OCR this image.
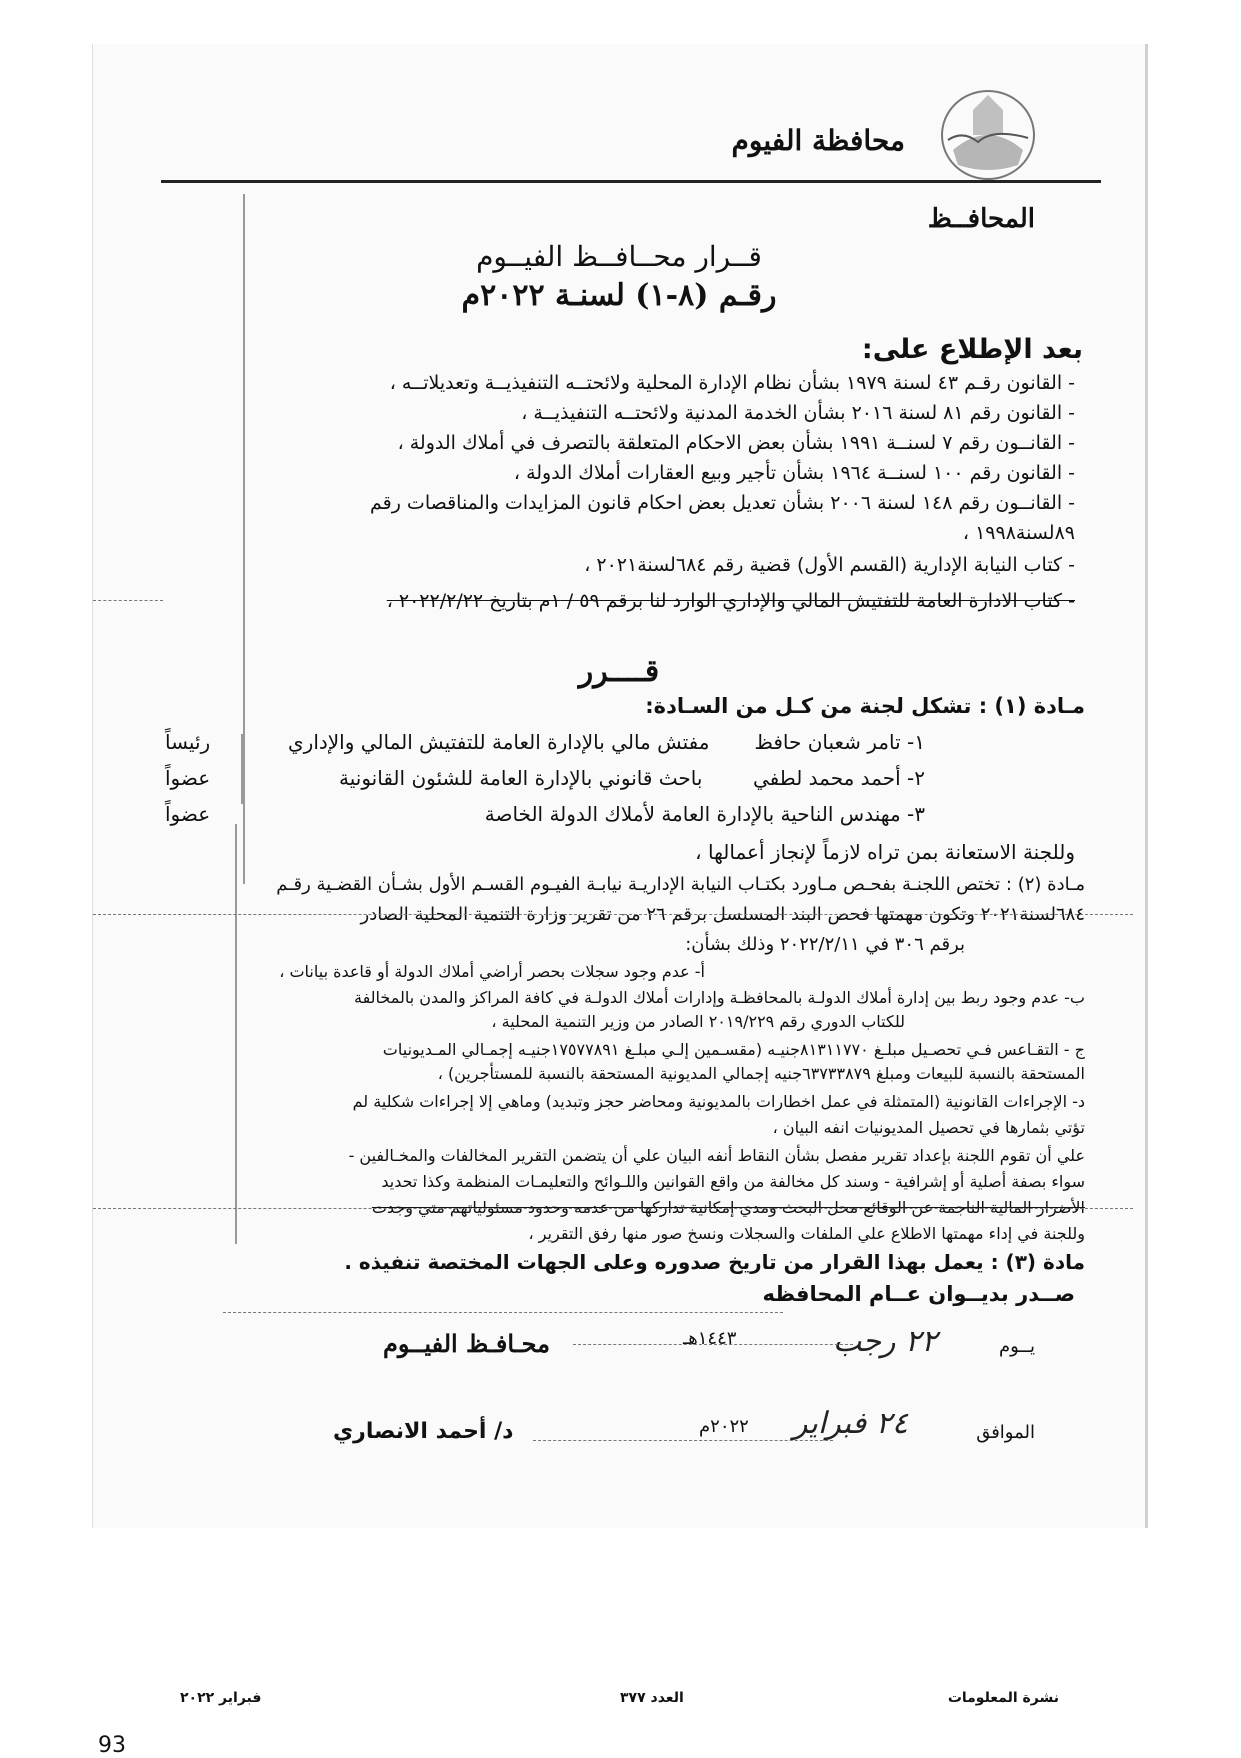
محافظة الفيوم
المحافــظ
قــرار محــافــظ الفيــوم
رقـم (٨-١) لسنـة ٢٠٢٢م
بعد الإطلاع على:
- القانون رقـم ٤٣ لسنة ١٩٧٩ بشأن نظام الإدارة المحلية ولائحتــه التنفيذيــة وتعديلاتــه ،
- القانون رقم ٨١ لسنة ٢٠١٦ بشأن الخدمة المدنية ولائحتــه التنفيذيــة ،
- القانــون رقم ٧ لسنــة ١٩٩١ بشأن بعض الاحكام المتعلقة بالتصرف في أملاك الدولة ،
- القانون رقم ١٠٠ لسنــة ١٩٦٤ بشأن تأجير وبيع العقارات أملاك الدولة ،
- القانــون رقم ١٤٨ لسنة ٢٠٠٦ بشأن تعديل بعض احكام قانون المزايدات والمناقصات رقم
٨٩لسنة١٩٩٨ ،
- كتاب النيابة الإدارية (القسم الأول) قضية رقم ٦٨٤لسنة٢٠٢١ ،
- كتاب الادارة العامة للتفتيش المالي والإداري الوارد لنا برقم ٥٩ / ١م بتاريخ ٢٠٢٢/٢/٢٢ ،
قــــرر
مـادة (١) : تشكل لجنة من كـل من السـادة:
١- تامر شعبان حافظ
مفتش مالي بالإدارة العامة للتفتيش المالي والإداري
رئيساً
٢- أحمد محمد لطفي
باحث قانوني بالإدارة العامة للشئون القانونية
عضواً
٣- مهندس الناحية بالإدارة العامة لأملاك الدولة الخاصة
عضواً
وللجنة الاستعانة بمن تراه لازماً لإنجاز أعمالها ،
مـادة (٢) : تختص اللجنـة بفحـص مـاورد بكتـاب النيابة الإداريـة نيابـة الفيـوم القسـم الأول بشـأن القضـية رقـم
٦٨٤لسنة٢٠٢١ وتكون مهمتها فحص البند المسلسل برقم ٢٦ من تقرير وزارة التنمية المحلية الصادر
برقم ٣٠٦ في ٢٠٢٢/٢/١١ وذلك بشأن:
أ- عدم وجود سجلات بحصر أراضي أملاك الدولة أو قاعدة بيانات ،
ب- عدم وجود ربط بين إدارة أملاك الدولـة بالمحافظـة وإدارات أملاك الدولـة في كافة المراكز والمدن بالمخالفة
للكتاب الدوري رقم ٢٠١٩/٢٢٩ الصادر من وزير التنمية المحلية ،
ج - التقـاعس فـي تحصـيل مبلـغ ٨١٣١١٧٧٠جنيـه (مقسـمين إلـي مبلـغ ١٧٥٧٧٨٩١جنيـه إجمـالي المـديونيات
المستحقة بالنسبة للبيعات ومبلغ ٦٣٧٣٣٨٧٩جنيه إجمالي المديونية المستحقة بالنسبة للمستأجرين) ،
د- الإجراءات القانونية (المتمثلة في عمل اخطارات بالمديونية ومحاضر حجز وتبديد) وماهي إلا إجراءات شكلية لم
تؤتي بثمارها في تحصيل المديونيات انفه البيان ،
علي أن تقوم اللجنة بإعداد تقرير مفصل بشأن النقاط أنفه البيان علي أن يتضمن التقرير المخالفات والمخـالفين -
سواء بصفة أصلية أو إشرافية - وسند كل مخالفة من واقع القوانين واللـوائح والتعليمـات المنظمة وكذا تحديد
الأضرار المالية الناجمة عن الوقائع محل البحث ومدي إمكانية تداركها من عدمه وحدود مسئولياتهم متي وجدت
وللجنة في إداء مهمتها الاطلاع علي الملفات والسجلات ونسخ صور منها رفق التقرير ،
مادة (٣) : يعمل بهذا القرار من تاريخ صدوره وعلى الجهات المختصة تنفيذه .
صــدر بديــوان عــام المحافظه
يــوم
٢٢ رجب
١٤٤٣هـ
محـافـظ الفيــوم
الموافق
٢٤ فبراير
٢٠٢٢م
د/ أحمد الانصاري
نشرة المعلومات
العدد ٣٧٧
فبراير ٢٠٢٢
93
